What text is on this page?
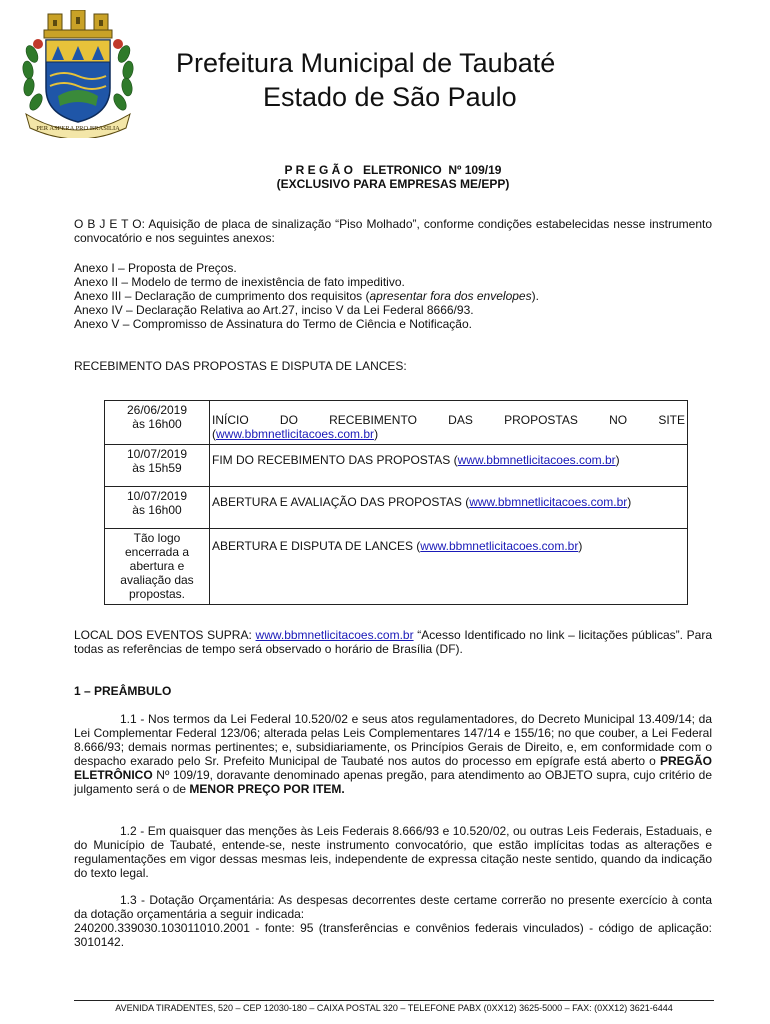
PER ASPERA PRO BRASILIA
Prefeitura Municipal de Taubaté
Estado de São Paulo
P R E G Ã O   ELETRONICO  Nº 109/19
(EXCLUSIVO PARA EMPRESAS ME/EPP)
O B J E T O: Aquisição de placa de sinalização “Piso Molhado”, conforme condições estabelecidas nesse instrumento convocatório e nos seguintes anexos:
Anexo I – Proposta de Preços.
Anexo II – Modelo de termo de inexistência de fato impeditivo.
Anexo III – Declaração de cumprimento dos requisitos (apresentar fora dos envelopes).
Anexo IV – Declaração Relativa ao Art.27, inciso V da Lei Federal 8666/93.
Anexo V – Compromisso de Assinatura do Termo de Ciência e Notificação.
RECEBIMENTO DAS PROPOSTAS E DISPUTA DE LANCES:
26/06/2019
às 16h00	INÍCIO DO RECEBIMENTO DAS PROPOSTAS NO SITE
(www.bbmnetlicitacoes.com.br)
10/07/2019
às 15h59	FIM DO RECEBIMENTO DAS PROPOSTAS (www.bbmnetlicitacoes.com.br)
10/07/2019
às 16h00	ABERTURA E AVALIAÇÃO DAS PROPOSTAS (www.bbmnetlicitacoes.com.br)
Tão logo encerrada a abertura e avaliação das propostas.	ABERTURA E DISPUTA DE LANCES (www.bbmnetlicitacoes.com.br)
LOCAL DOS EVENTOS SUPRA: www.bbmnetlicitacoes.com.br “Acesso Identificado no link – licitações públicas”. Para todas as referências de tempo será observado o horário de Brasília (DF).
1 – PREÂMBULO
1.1 - Nos termos da Lei Federal 10.520/02 e seus atos regulamentadores, do Decreto Municipal 13.409/14; da Lei Complementar Federal 123/06; alterada pelas Leis Complementares 147/14 e 155/16; no que couber, a Lei Federal 8.666/93; demais normas pertinentes; e, subsidiariamente, os Princípios Gerais de Direito, e, em conformidade com o despacho exarado pelo Sr. Prefeito Municipal de Taubaté nos autos do processo em epígrafe está aberto o PREGÃO ELETRÔNICO Nº 109/19, doravante denominado apenas pregão, para atendimento ao OBJETO supra, cujo critério de julgamento será o de MENOR PREÇO POR ITEM.
1.2 - Em quaisquer das menções às Leis Federais 8.666/93 e 10.520/02, ou outras Leis Federais, Estaduais, e do Município de Taubaté, entende-se, neste instrumento convocatório, que estão implícitas todas as alterações e regulamentações em vigor dessas mesmas leis, independente de expressa citação neste sentido, quando da indicação do texto legal.
1.3 - Dotação Orçamentária: As despesas decorrentes deste certame correrão no presente exercício à conta da dotação orçamentária a seguir indicada:
240200.339030.103011010.2001 - fonte: 95 (transferências e convênios federais vinculados) - código de aplicação: 3010142.
AVENIDA TIRADENTES, 520 – CEP 12030-180 – CAIXA POSTAL 320 – TELEFONE PABX (0XX12) 3625-5000 – FAX: (0XX12) 3621-6444
